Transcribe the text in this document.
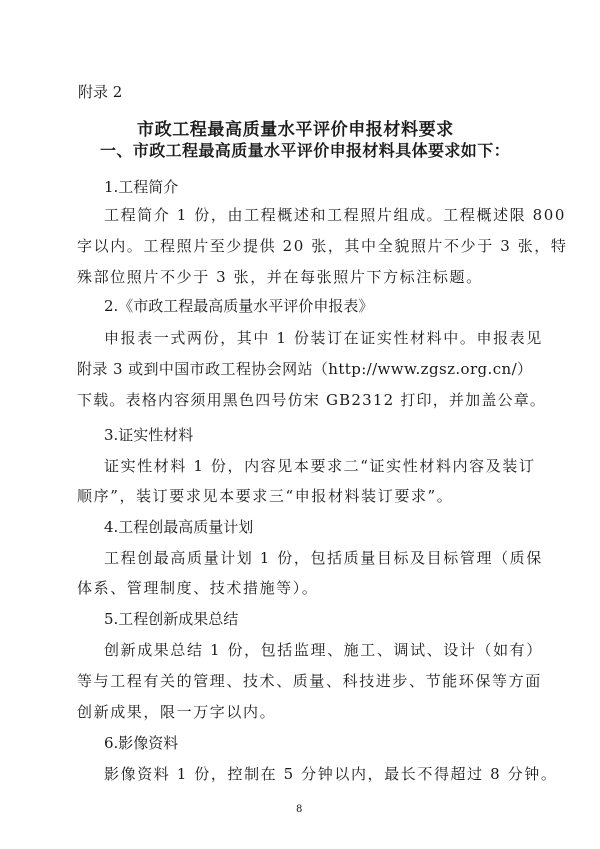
附录 2
市政工程最高质量水平评价申报材料要求
一、市政工程最高质量水平评价申报材料具体要求如下：
1.工程简介
工程简介 1 份，由工程概述和工程照片组成。工程概述限 800
字以内。工程照片至少提供 20 张，其中全貌照片不少于 3 张，特
殊部位照片不少于 3 张，并在每张照片下方标注标题。
2.《市政工程最高质量水平评价申报表》
申报表一式两份，其中 1 份装订在证实性材料中。申报表见
附录 3 或到中国市政工程协会网站（http://www.zgsz.org.cn/）
下载。表格内容须用黑色四号仿宋 GB2312 打印，并加盖公章。
3.证实性材料
证实性材料 1 份，内容见本要求二“证实性材料内容及装订
顺序”，装订要求见本要求三“申报材料装订要求”。
4.工程创最高质量计划
工程创最高质量计划 1 份，包括质量目标及目标管理（质保
体系、管理制度、技术措施等）。
5.工程创新成果总结
创新成果总结 1 份，包括监理、施工、调试、设计（如有）
等与工程有关的管理、技术、质量、科技进步、节能环保等方面
创新成果，限一万字以内。
6.影像资料
影像资料 1 份，控制在 5 分钟以内，最长不得超过 8 分钟。
8
